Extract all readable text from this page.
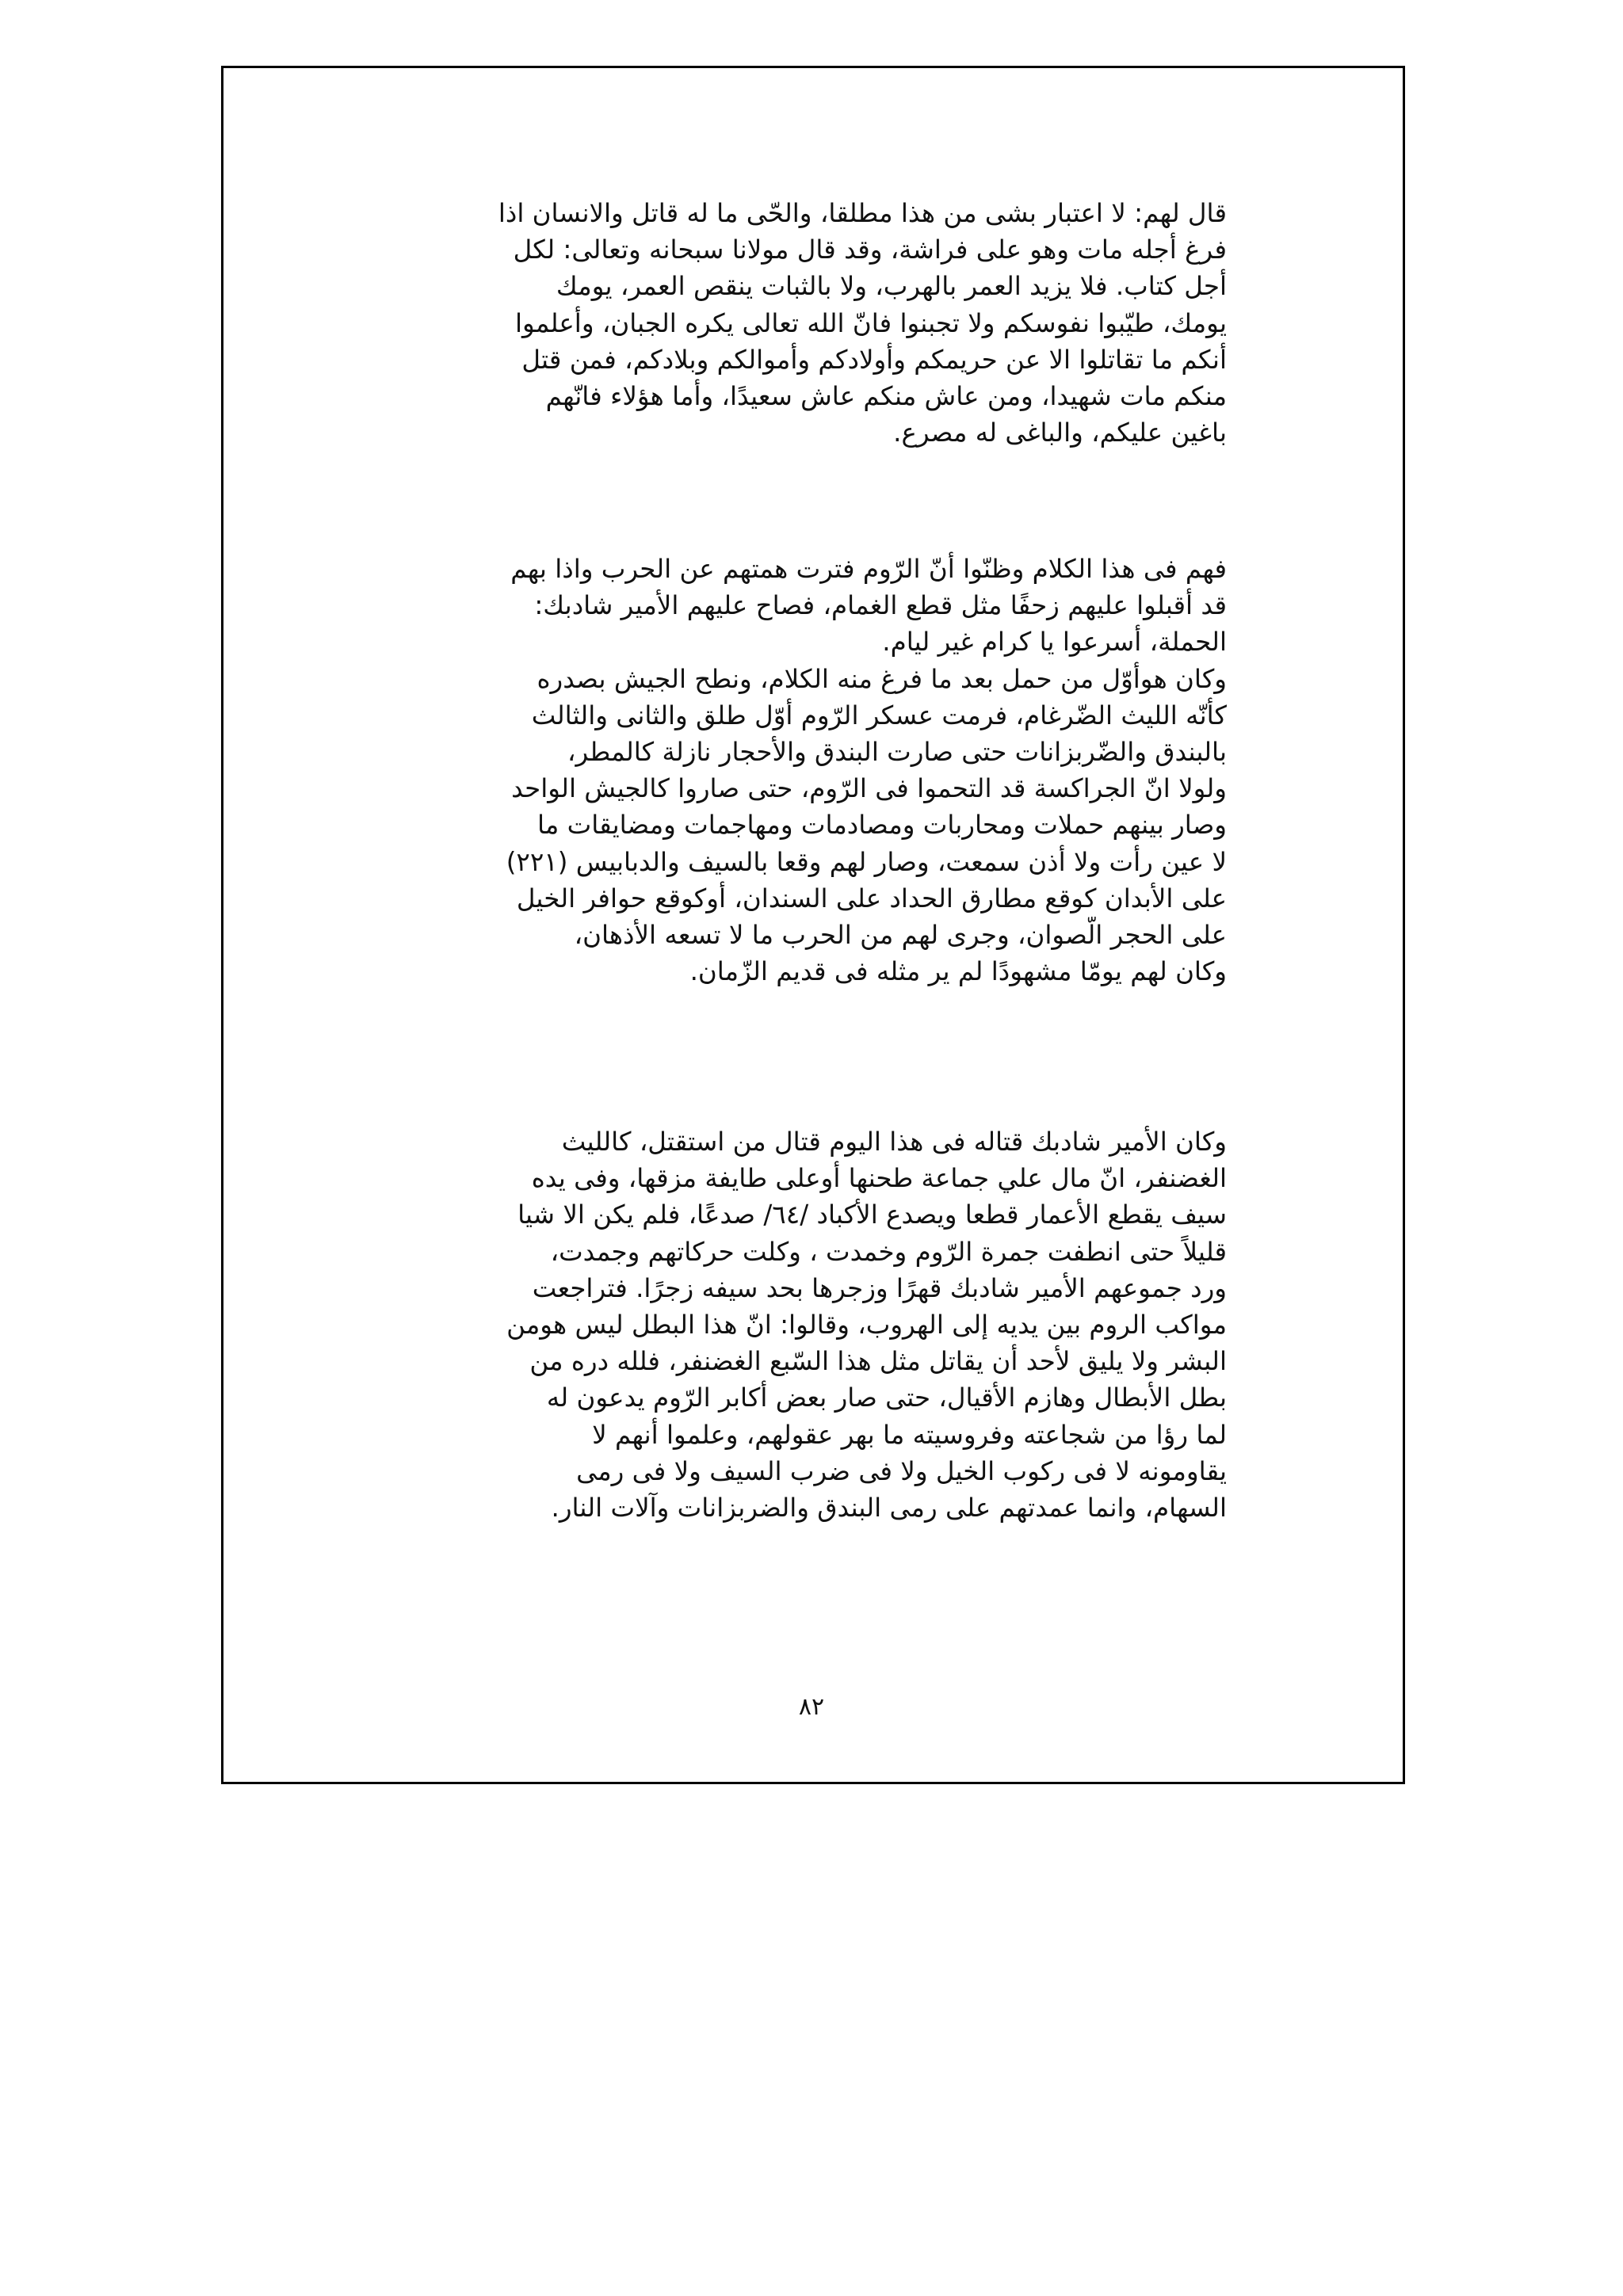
قال لهم: لا اعتبار بشى من هذا مطلقا، والحّى ما له قاتل والانسان اذا
فرغ أجله مات وهو على فراشة، وقد قال مولانا سبحانه وتعالى: لكل
أجل كتاب. فلا يزيد العمر بالهرب، ولا بالثبات ينقص العمر، يومك
يومك، طيّبوا نفوسكم ولا تجبنوا فانّ الله تعالى يكره الجبان، وأعلموا
أنكم ما تقاتلوا الا عن حريمكم وأولادكم وأموالكم وبلادكم، فمن قتل
منكم مات شهيدا، ومن عاش منكم عاش سعيدًا، وأما هؤلاء فانّهم
باغين عليكم، والباغى له مصرع.
فهم فى هذا الكلام وظنّوا أنّ الرّوم فترت همتهم عن الحرب واذا بهم
قد أقبلوا عليهم زحفًا مثل قطع الغمام، فصاح عليهم الأمير شادبك:
الحملة، أسرعوا يا كرام غير ليام.
وكان هوأوّل من حمل بعد ما فرغ منه الكلام، ونطح الجيش بصدره
كأنّه الليث الضّرغام، فرمت عسكر الرّوم أوّل طلق والثانى والثالث
بالبندق والضّربزانات حتى صارت البندق والأحجار نازلة كالمطر،
ولولا انّ الجراكسة قد التحموا فى الرّوم، حتى صاروا كالجيش الواحد
وصار بينهم حملات ومحاربات ومصادمات ومهاجمات ومضايقات ما
لا عين رأت ولا أذن سمعت، وصار لهم وقعا بالسيف والدبابيس (٢٢١)
على الأبدان كوقع مطارق الحداد على السندان، أوكوقع حوافر الخيل
على الحجر الّصوان، وجرى لهم من الحرب ما لا تسعه الأذهان،
وكان لهم يومّا مشهودًا لم ير مثله فى قديم الزّمان.
وكان الأمير شادبك قتاله فى هذا اليوم قتال من استقتل، كالليث
الغضنفر، انّ مال علي جماعة طحنها أوعلى طايفة مزقها، وفى يده
سيف يقطع الأعمار قطعا ويصدع الأكباد /٦٤/ صدعًا، فلم يكن الا شيا
قليلاً حتى انطفت جمرة الرّوم وخمدت ، وكلت حركاتهم وجمدت،
ورد جموعهم الأمير شادبك قهرًا وزجرها بحد سيفه زجرًا. فتراجعت
مواكب الروم بين يديه إلى الهروب، وقالوا: انّ هذا البطل ليس هومن
البشر ولا يليق لأحد أن يقاتل مثل هذا السّبع الغضنفر، فلله دره من
بطل الأبطال وهازم الأقيال، حتى صار بعض أكابر الرّوم يدعون له
لما رؤا من شجاعته وفروسيته ما بهر عقولهم، وعلموا أنهم لا
يقاومونه لا فى ركوب الخيل ولا فى ضرب السيف ولا فى رمى
السهام، وانما عمدتهم على رمى البندق والضربزانات وآلات النار.
٨٢
